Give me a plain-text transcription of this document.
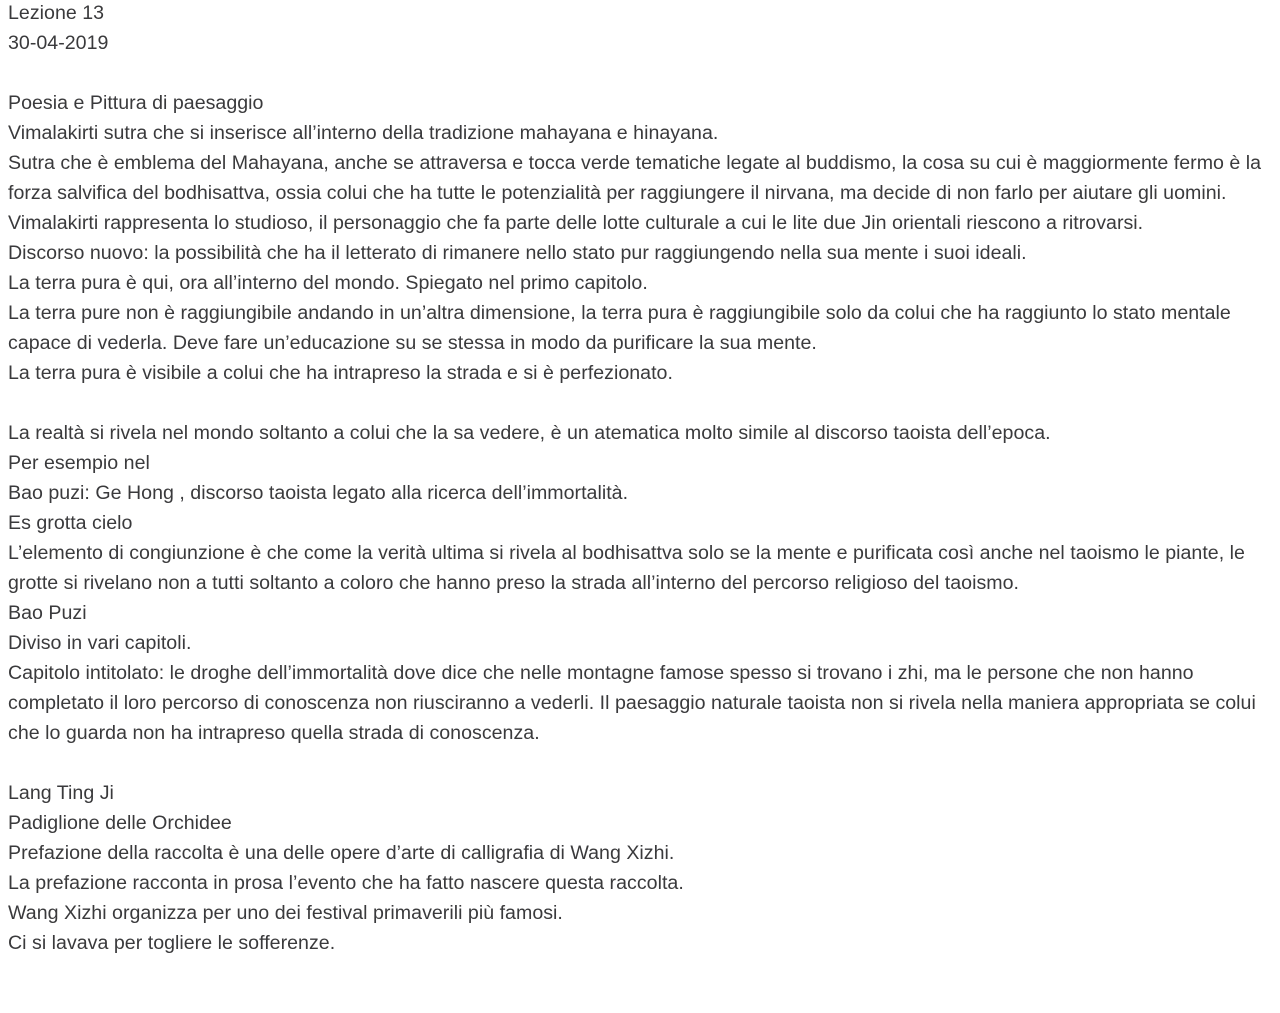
Lezione 13

30-04-2019

Poesia e Pittura di paesaggio

Vimalakirti sutra che si inserisce all’interno della tradizione mahayana e hinayana.

Sutra che è emblema del Mahayana, anche se attraversa e tocca verde tematiche legate al buddismo, la cosa su cui è maggiormente fermo è la forza salvifica del bodhisattva, ossia colui che ha tutte le potenzialità per raggiungere il nirvana, ma decide di non farlo per aiutare gli uomini.

Vimalakirti rappresenta lo studioso, il personaggio che fa parte delle lotte culturale a cui le lite due Jin orientali riescono a ritrovarsi.

Discorso nuovo: la possibilità che ha il letterato di rimanere nello stato pur raggiungendo nella sua mente i suoi ideali.

La terra pura è qui, ora all’interno del mondo. Spiegato nel primo capitolo.

La terra pure non è raggiungibile andando in un’altra dimensione, la terra pura è raggiungibile solo da colui che ha raggiunto lo stato mentale capace di vederla. Deve fare un’educazione su se stessa in modo da purificare la sua mente.

La terra pura è visibile a colui che ha intrapreso la strada e si è perfezionato.

La realtà si rivela nel mondo soltanto a colui che la sa vedere, è un atematica molto simile al discorso taoista dell’epoca.

Per esempio nel

Bao puzi: Ge Hong , discorso taoista legato alla ricerca dell’immortalità.

Es grotta cielo

L’elemento di congiunzione è che come la verità ultima si rivela al bodhisattva solo se la mente e purificata così anche nel taoismo le piante, le grotte si rivelano non a tutti soltanto a coloro che hanno preso la strada all’interno del percorso religioso del taoismo.

Bao Puzi

Diviso in vari capitoli.

Capitolo intitolato: le droghe dell’immortalità dove dice che nelle montagne famose spesso si trovano i zhi, ma le persone che non hanno completato il loro percorso di conoscenza non riusciranno a vederli. Il paesaggio naturale taoista non si rivela nella maniera appropriata se colui che lo guarda non ha intrapreso quella strada di conoscenza.

Lang Ting Ji

Padiglione delle Orchidee

Prefazione della raccolta è una delle opere d’arte di calligrafia di Wang Xizhi.

La prefazione racconta in prosa l’evento che ha fatto nascere questa raccolta.

Wang Xizhi organizza per uno dei festival primaverili più famosi.

Ci si lavava per togliere le sofferenze.
